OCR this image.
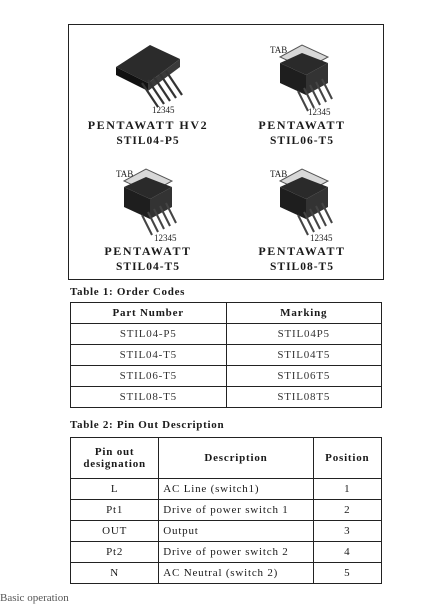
12345
PENTAWATT HV2
STIL04-P5
TAB
12345
PENTAWATT
STIL06-T5
TAB
12345
PENTAWATT
STIL04-T5
TAB
12345
PENTAWATT
STIL08-T5
Table 1: Order Codes
Part Number	Marking
STIL04-P5	STIL04P5
STIL04-T5	STIL04T5
STIL06-T5	STIL06T5
STIL08-T5	STIL08T5
Table 2: Pin Out Description
Pin out designation	Description	Position
L	AC Line (switch1)	1
Pt1	Drive of power switch 1	2
OUT	Output	3
Pt2	Drive of power switch 2	4
N	AC Neutral (switch 2)	5
Basic operation
